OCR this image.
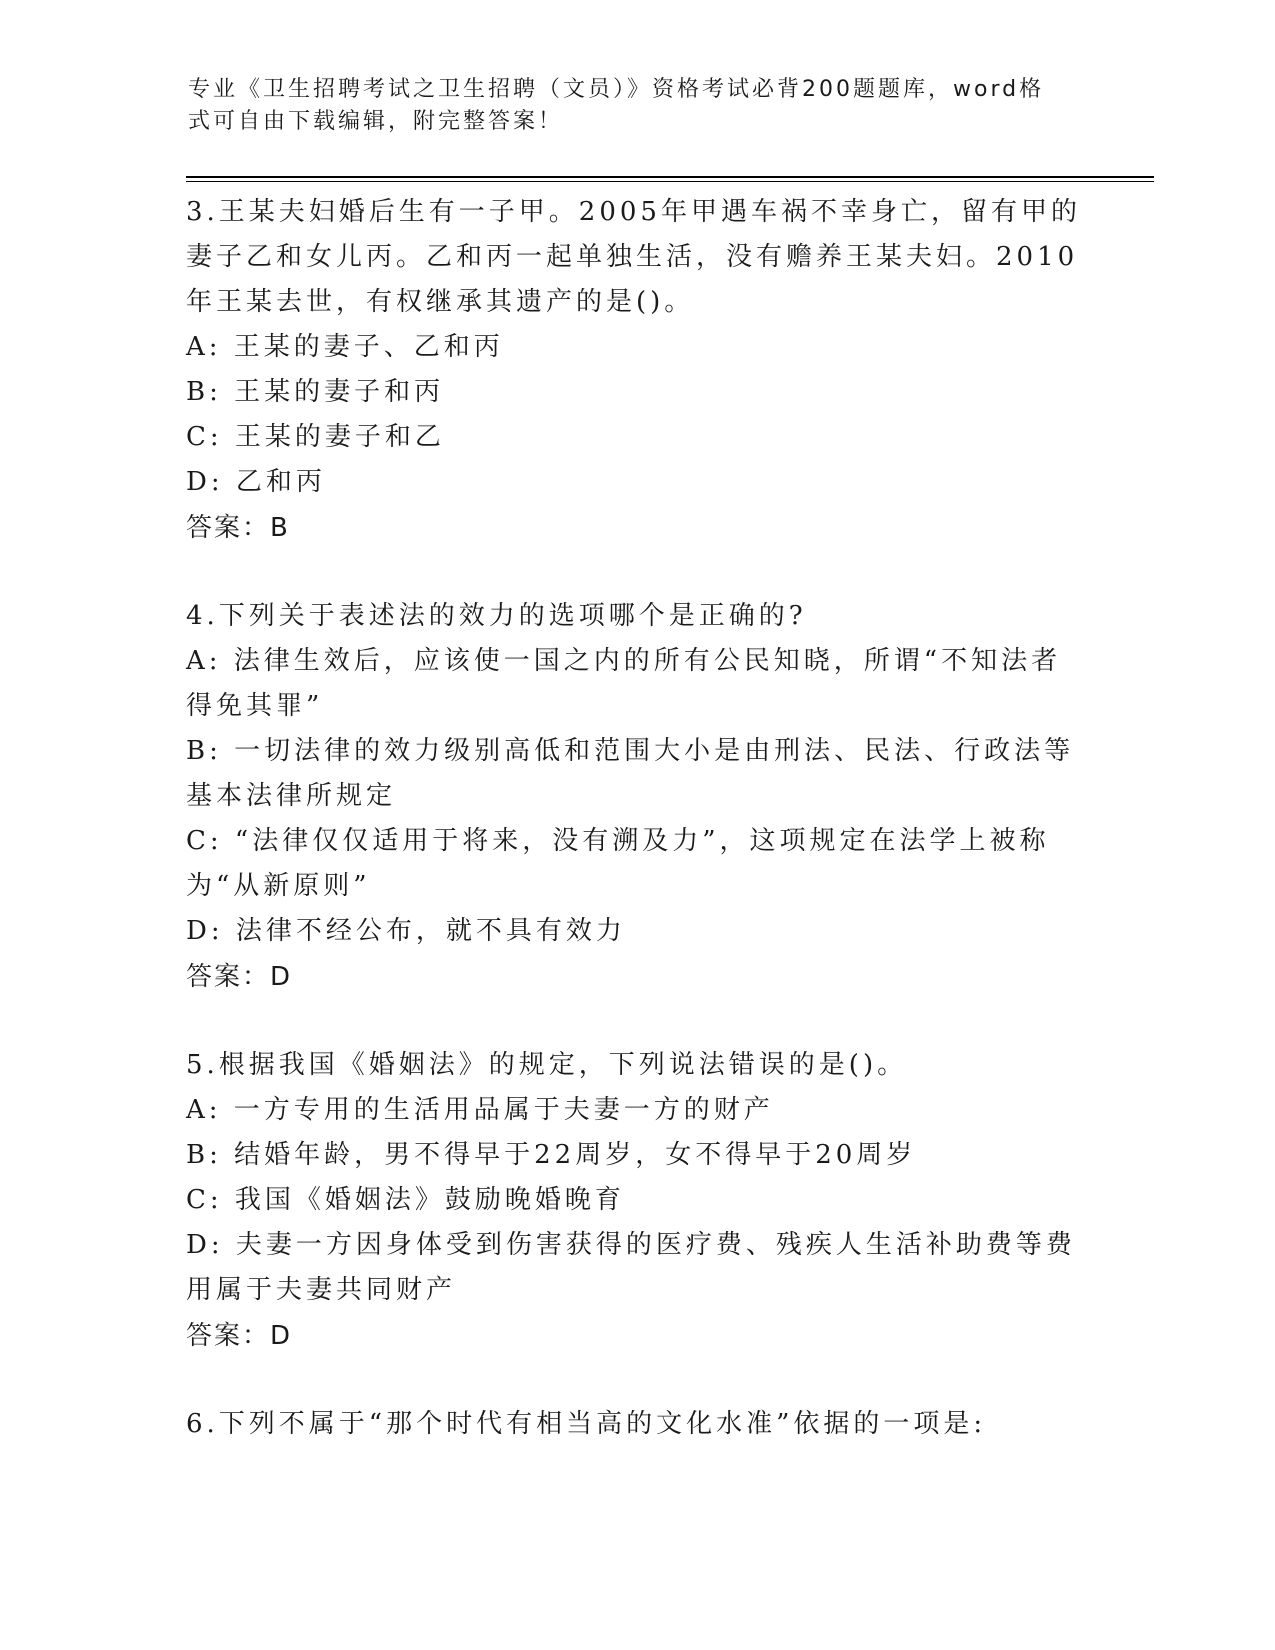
专业《卫生招聘考试之卫生招聘（文员）》资格考试必背200题题库，word格式可自由下载编辑，附完整答案！
3.王某夫妇婚后生有一子甲。2005年甲遇车祸不幸身亡，留有甲的妻子乙和女儿丙。乙和丙一起单独生活，没有赡养王某夫妇。2010年王某去世，有权继承其遗产的是()。
A: 王某的妻子、乙和丙
B: 王某的妻子和丙
C: 王某的妻子和乙
D: 乙和丙
答案：B
4.下列关于表述法的效力的选项哪个是正确的?
A: 法律生效后，应该使一国之内的所有公民知晓，所谓“不知法者得免其罪”
B: 一切法律的效力级别高低和范围大小是由刑法、民法、行政法等基本法律所规定
C: “法律仅仅适用于将来，没有溯及力”，这项规定在法学上被称为“从新原则”
D: 法律不经公布，就不具有效力
答案：D
5.根据我国《婚姻法》的规定，下列说法错误的是()。
A: 一方专用的生活用品属于夫妻一方的财产
B: 结婚年龄，男不得早于22周岁，女不得早于20周岁
C: 我国《婚姻法》鼓励晚婚晚育
D: 夫妻一方因身体受到伤害获得的医疗费、残疾人生活补助费等费用属于夫妻共同财产
答案：D
6.下列不属于“那个时代有相当高的文化水准”依据的一项是:
